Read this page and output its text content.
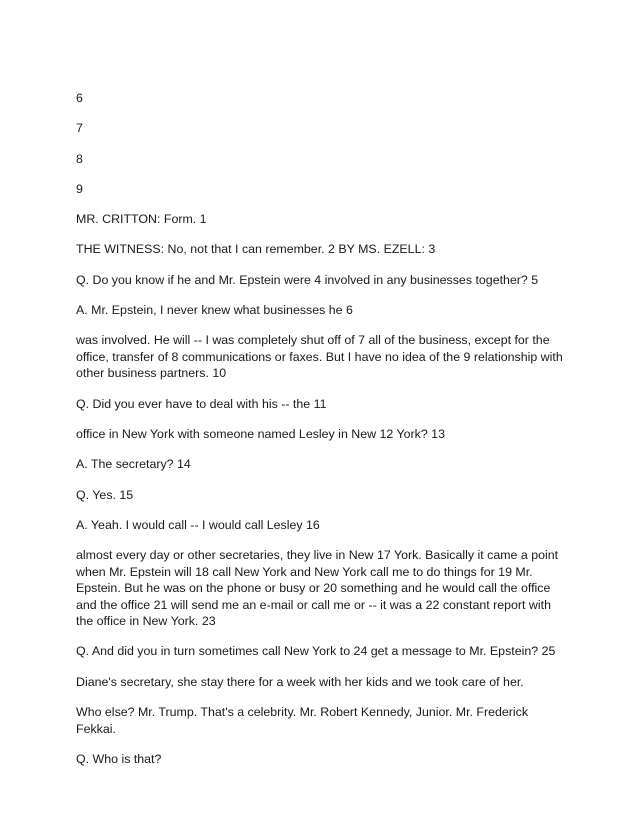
6

7

8

9

MR. CRITTON: Form. 1

THE WITNESS: No, not that I can remember. 2 BY MS. EZELL: 3

Q. Do you know if he and Mr. Epstein were 4 involved in any businesses together? 5

A. Mr. Epstein, I never knew what businesses he 6

was involved. He will -- I was completely shut off of 7 all of the business, except for the office, transfer of 8 communications or faxes. But I have no idea of the 9 relationship with other business partners. 10

Q. Did you ever have to deal with his -- the 11

office in New York with someone named Lesley in New 12 York? 13

A. The secretary? 14

Q. Yes. 15

A. Yeah. I would call -- I would call Lesley 16

almost every day or other secretaries, they live in New 17 York. Basically it came a point when Mr. Epstein will 18 call New York and New York call me to do things for 19 Mr. Epstein. But he was on the phone or busy or 20 something and he would call the office and the office 21 will send me an e-mail or call me or -- it was a 22 constant report with the office in New York. 23

Q. And did you in turn sometimes call New York to 24 get a message to Mr. Epstein? 25

Diane's secretary, she stay there for a week with her kids and we took care of her.

Who else? Mr. Trump. That's a celebrity. Mr. Robert Kennedy, Junior. Mr. Frederick Fekkai.

Q. Who is that?
